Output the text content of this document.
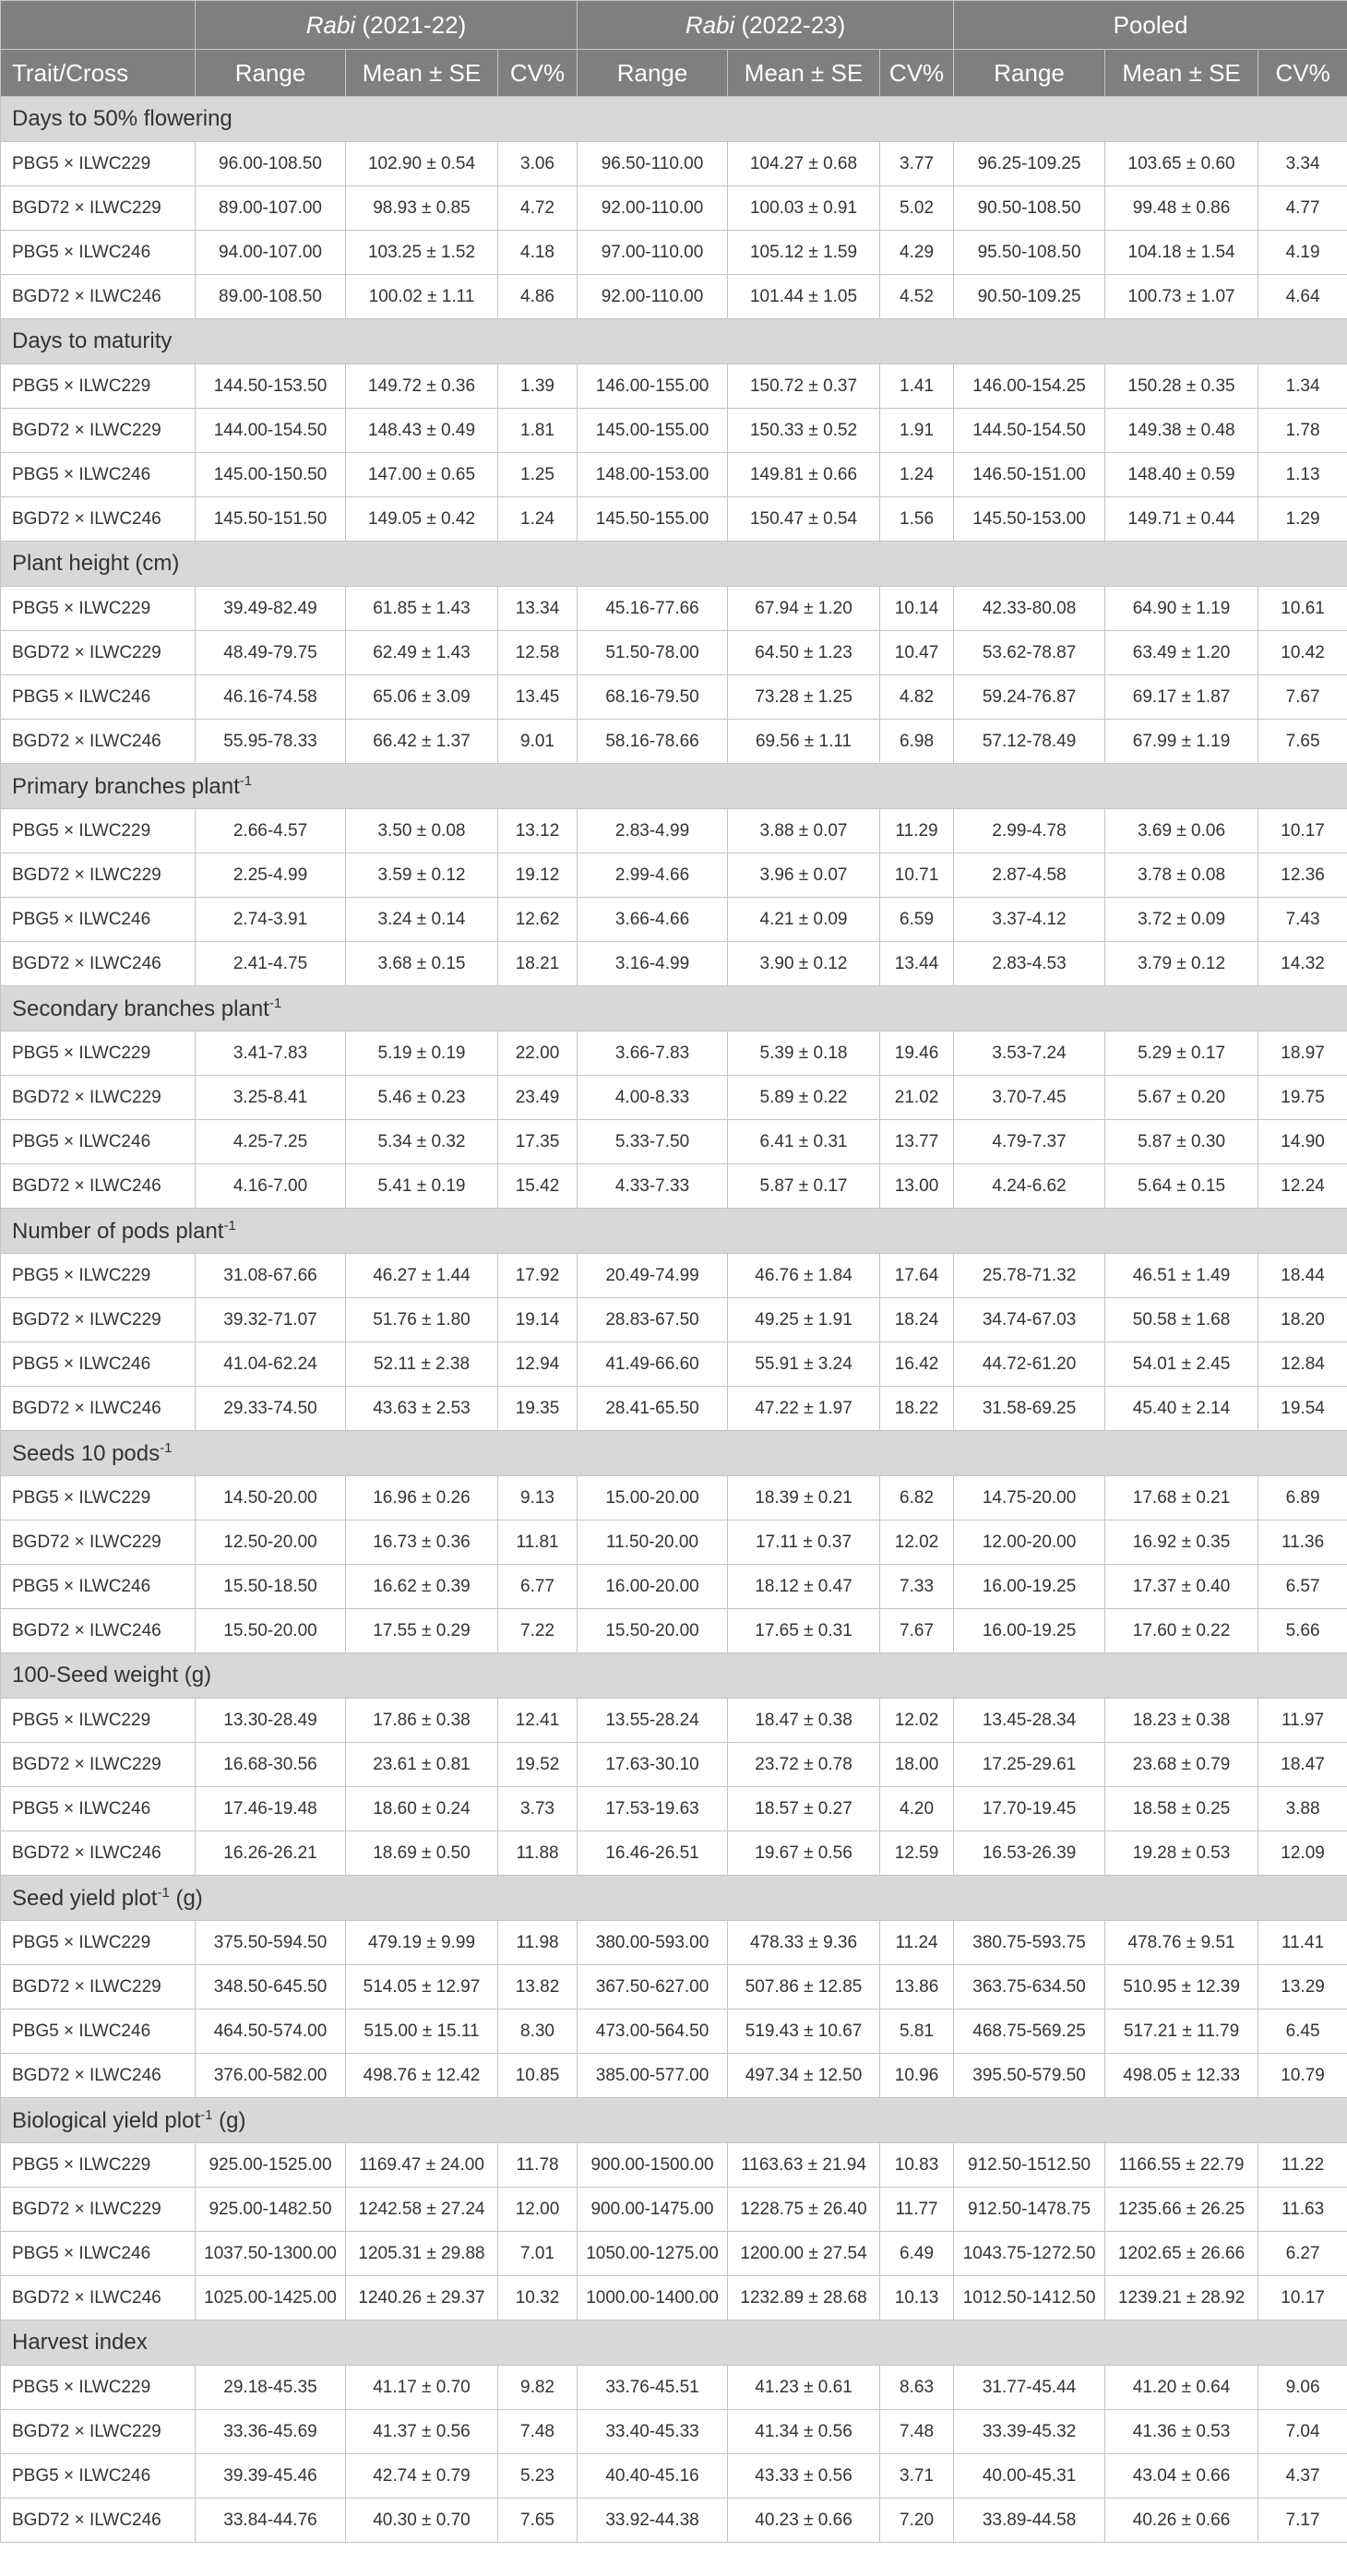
	Rabi (2021-22)			Rabi (2022-23)			Pooled		
Trait/Cross	Range	Mean ± SE	CV%	Range	Mean ± SE	CV%	Range	Mean ± SE	CV%
Days to 50% flowering									
PBG5 × ILWC229	96.00-108.50	102.90 ± 0.54	3.06	96.50-110.00	104.27 ± 0.68	3.77	96.25-109.25	103.65 ± 0.60	3.34
BGD72 × ILWC229	89.00-107.00	98.93 ± 0.85	4.72	92.00-110.00	100.03 ± 0.91	5.02	90.50-108.50	99.48 ± 0.86	4.77
PBG5 × ILWC246	94.00-107.00	103.25 ± 1.52	4.18	97.00-110.00	105.12 ± 1.59	4.29	95.50-108.50	104.18 ± 1.54	4.19
BGD72 × ILWC246	89.00-108.50	100.02 ± 1.11	4.86	92.00-110.00	101.44 ± 1.05	4.52	90.50-109.25	100.73 ± 1.07	4.64
Days to maturity									
PBG5 × ILWC229	144.50-153.50	149.72 ± 0.36	1.39	146.00-155.00	150.72 ± 0.37	1.41	146.00-154.25	150.28 ± 0.35	1.34
BGD72 × ILWC229	144.00-154.50	148.43 ± 0.49	1.81	145.00-155.00	150.33 ± 0.52	1.91	144.50-154.50	149.38 ± 0.48	1.78
PBG5 × ILWC246	145.00-150.50	147.00 ± 0.65	1.25	148.00-153.00	149.81 ± 0.66	1.24	146.50-151.00	148.40 ± 0.59	1.13
BGD72 × ILWC246	145.50-151.50	149.05 ± 0.42	1.24	145.50-155.00	150.47 ± 0.54	1.56	145.50-153.00	149.71 ± 0.44	1.29
Plant height (cm)									
PBG5 × ILWC229	39.49-82.49	61.85 ± 1.43	13.34	45.16-77.66	67.94 ± 1.20	10.14	42.33-80.08	64.90 ± 1.19	10.61
BGD72 × ILWC229	48.49-79.75	62.49 ± 1.43	12.58	51.50-78.00	64.50 ± 1.23	10.47	53.62-78.87	63.49 ± 1.20	10.42
PBG5 × ILWC246	46.16-74.58	65.06 ± 3.09	13.45	68.16-79.50	73.28 ± 1.25	4.82	59.24-76.87	69.17 ± 1.87	7.67
BGD72 × ILWC246	55.95-78.33	66.42 ± 1.37	9.01	58.16-78.66	69.56 ± 1.11	6.98	57.12-78.49	67.99 ± 1.19	7.65
Primary branches plant$^{-1}$
PBG5 × ILWC229	2.66-4.57	3.50 ± 0.08	13.12	2.83-4.99	3.88 ± 0.07	11.29	2.99-4.78	3.69 ± 0.06	10.17
BGD72 × ILWC229	2.25-4.99	3.59 ± 0.12	19.12	2.99-4.66	3.96 ± 0.07	10.71	2.87-4.58	3.78 ± 0.08	12.36
PBG5 × ILWC246	2.74-3.91	3.24 ± 0.14	12.62	3.66-4.66	4.21 ± 0.09	6.59	3.37-4.12	3.72 ± 0.09	7.43
BGD72 × ILWC246	2.41-4.75	3.68 ± 0.15	18.21	3.16-4.99	3.90 ± 0.12	13.44	2.83-4.53	3.79 ± 0.12	14.32
Secondary branches plant$^{-1}$
PBG5 × ILWC229	3.41-7.83	5.19 ± 0.19	22.00	3.66-7.83	5.39 ± 0.18	19.46	3.53-7.24	5.29 ± 0.17	18.97
BGD72 × ILWC229	3.25-8.41	5.46 ± 0.23	23.49	4.00-8.33	5.89 ± 0.22	21.02	3.70-7.45	5.67 ± 0.20	19.75
PBG5 × ILWC246	4.25-7.25	5.34 ± 0.32	17.35	5.33-7.50	6.41 ± 0.31	13.77	4.79-7.37	5.87 ± 0.30	14.90
BGD72 × ILWC246	4.16-7.00	5.41 ± 0.19	15.42	4.33-7.33	5.87 ± 0.17	13.00	4.24-6.62	5.64 ± 0.15	12.24
Number of pods plant$^{-1}$
PBG5 × ILWC229	31.08-67.66	46.27 ± 1.44	17.92	20.49-74.99	46.76 ± 1.84	17.64	25.78-71.32	46.51 ± 1.49	18.44
BGD72 × ILWC229	39.32-71.07	51.76 ± 1.80	19.14	28.83-67.50	49.25 ± 1.91	18.24	34.74-67.03	50.58 ± 1.68	18.20
PBG5 × ILWC246	41.04-62.24	52.11 ± 2.38	12.94	41.49-66.60	55.91 ± 3.24	16.42	44.72-61.20	54.01 ± 2.45	12.84
BGD72 × ILWC246	29.33-74.50	43.63 ± 2.53	19.35	28.41-65.50	47.22 ± 1.97	18.22	31.58-69.25	45.40 ± 2.14	19.54
Seeds 10 pods$^{-1}$
PBG5 × ILWC229	14.50-20.00	16.96 ± 0.26	9.13	15.00-20.00	18.39 ± 0.21	6.82	14.75-20.00	17.68 ± 0.21	6.89
BGD72 × ILWC229	12.50-20.00	16.73 ± 0.36	11.81	11.50-20.00	17.11 ± 0.37	12.02	12.00-20.00	16.92 ± 0.35	11.36
PBG5 × ILWC246	15.50-18.50	16.62 ± 0.39	6.77	16.00-20.00	18.12 ± 0.47	7.33	16.00-19.25	17.37 ± 0.40	6.57
BGD72 × ILWC246	15.50-20.00	17.55 ± 0.29	7.22	15.50-20.00	17.65 ± 0.31	7.67	16.00-19.25	17.60 ± 0.22	5.66
100-Seed weight (g)									
PBG5 × ILWC229	13.30-28.49	17.86 ± 0.38	12.41	13.55-28.24	18.47 ± 0.38	12.02	13.45-28.34	18.23 ± 0.38	11.97
BGD72 × ILWC229	16.68-30.56	23.61 ± 0.81	19.52	17.63-30.10	23.72 ± 0.78	18.00	17.25-29.61	23.68 ± 0.79	18.47
PBG5 × ILWC246	17.46-19.48	18.60 ± 0.24	3.73	17.53-19.63	18.57 ± 0.27	4.20	17.70-19.45	18.58 ± 0.25	3.88
BGD72 × ILWC246	16.26-26.21	18.69 ± 0.50	11.88	16.46-26.51	19.67 ± 0.56	12.59	16.53-26.39	19.28 ± 0.53	12.09
Seed yield plot$^{-1}$ (g)									
PBG5 × ILWC229	375.50-594.50	479.19 ± 9.99	11.98	380.00-593.00	478.33 ± 9.36	11.24	380.75-593.75	478.76 ± 9.51	11.41
BGD72 × ILWC229	348.50-645.50	514.05 ± 12.97	13.82	367.50-627.00	507.86 ± 12.85	13.86	363.75-634.50	510.95 ± 12.39	13.29
PBG5 × ILWC246	464.50-574.00	515.00 ± 15.11	8.30	473.00-564.50	519.43 ± 10.67	5.81	468.75-569.25	517.21 ± 11.79	6.45
BGD72 × ILWC246	376.00-582.00	498.76 ± 12.42	10.85	385.00-577.00	497.34 ± 12.50	10.96	395.50-579.50	498.05 ± 12.33	10.79
Biological yield plot$^{-1}$ (g)									
PBG5 × ILWC229	925.00-1525.00	1169.47 ± 24.00	11.78	900.00-1500.00	1163.63 ± 21.94	10.83	912.50-1512.50	1166.55 ± 22.79	11.22
BGD72 × ILWC229	925.00-1482.50	1242.58 ± 27.24	12.00	900.00-1475.00	1228.75 ± 26.40	11.77	912.50-1478.75	1235.66 ± 26.25	11.63
PBG5 × ILWC246	1037.50-1300.00	1205.31 ± 29.88	7.01	1050.00-1275.00	1200.00 ± 27.54	6.49	1043.75-1272.50	1202.65 ± 26.66	6.27
BGD72 × ILWC246	1025.00-1425.00	1240.26 ± 29.37	10.32	1000.00-1400.00	1232.89 ± 28.68	10.13	1012.50-1412.50	1239.21 ± 28.92	10.17
Harvest index									
PBG5 × ILWC229	29.18-45.35	41.17 ± 0.70	9.82	33.76-45.51	41.23 ± 0.61	8.63	31.77-45.44	41.20 ± 0.64	9.06
BGD72 × ILWC229	33.36-45.69	41.37 ± 0.56	7.48	33.40-45.33	41.34 ± 0.56	7.48	33.39-45.32	41.36 ± 0.53	7.04
PBG5 × ILWC246	39.39-45.46	42.74 ± 0.79	5.23	40.40-45.16	43.33 ± 0.56	3.71	40.00-45.31	43.04 ± 0.66	4.37
BGD72 × ILWC246	33.84-44.76	40.30 ± 0.70	7.65	33.92-44.38	40.23 ± 0.66	7.20	33.89-44.58	40.26 ± 0.66	7.17
